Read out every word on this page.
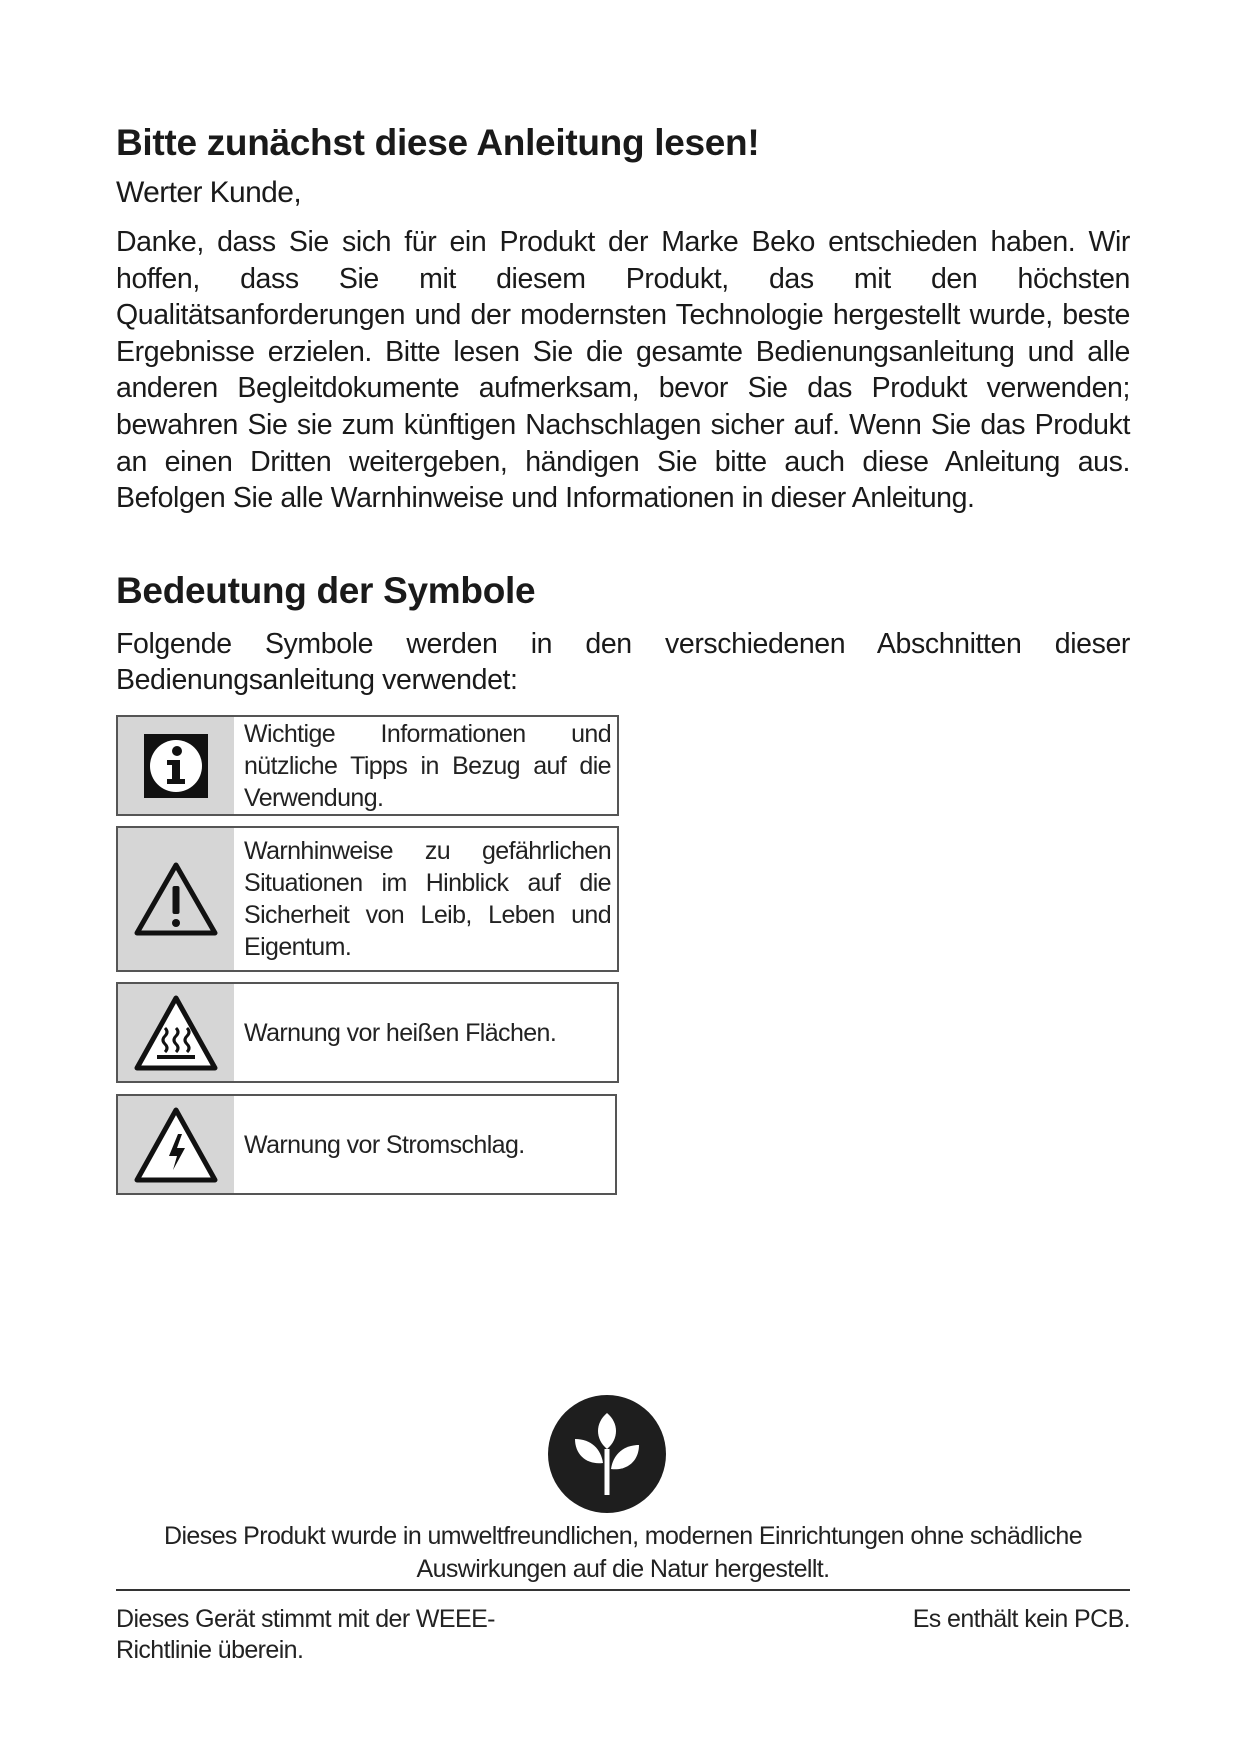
Bitte zunächst diese Anleitung lesen!

Werter Kunde,

Danke, dass Sie sich für ein Produkt der Marke Beko entschieden haben. Wir hoffen, dass Sie mit diesem Produkt, das mit den höchsten Qualitätsanforderungen und der modernsten Technologie hergestellt wurde, beste Ergebnisse erzielen. Bitte lesen Sie die gesamte Bedienungsanleitung und alle anderen Begleitdokumente aufmerksam, bevor Sie das Produkt verwenden; bewahren Sie sie zum künftigen Nachschlagen sicher auf. Wenn Sie das Produkt an einen Dritten weitergeben, händigen Sie bitte auch diese Anleitung aus. Befolgen Sie alle Warnhinweise und Informationen in dieser Anleitung.

Bedeutung der Symbole

Folgende Symbole werden in den verschiedenen Abschnitten dieser Bedienungsanleitung verwendet:

Wichtige Informationen und nützliche Tipps in Bezug auf die Verwendung.
Warnhinweise zu gefährlichen Situationen im Hinblick auf die Sicherheit von Leib, Leben und Eigentum.
Warnung vor heißen Flächen.
Warnung vor Stromschlag.

Dieses Produkt wurde in umweltfreundlichen, modernen Einrichtungen ohne schädliche Auswirkungen auf die Natur hergestellt.

Dieses Gerät stimmt mit der WEEE-Richtlinie überein.

Es enthält kein PCB.
